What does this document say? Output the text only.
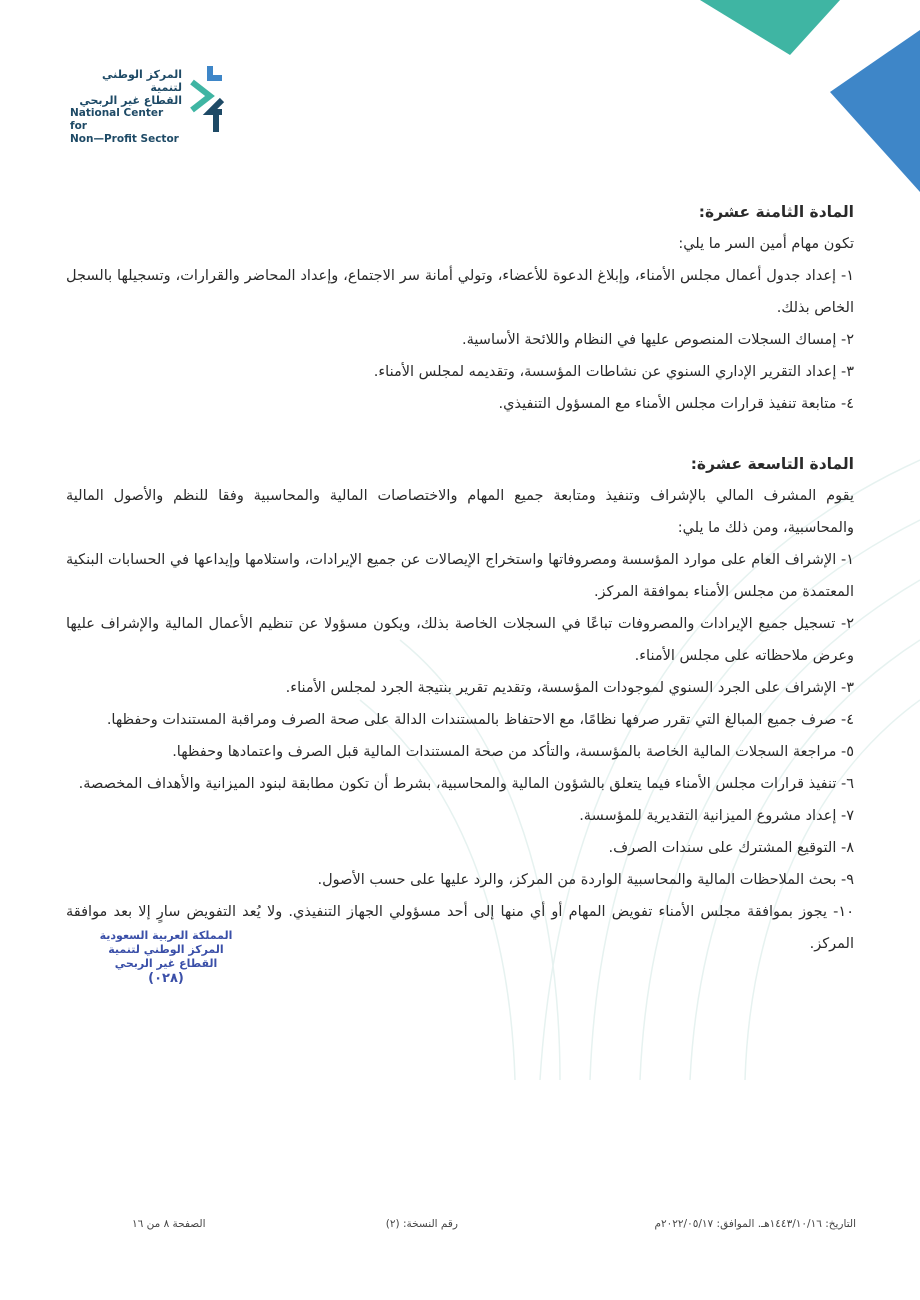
المركز الوطني لتنمية
القطاع غير الربحي
National Center for
Non—Profit Sector

المادة الثامنة عشرة:

تكون مهام أمين السر ما يلي:

١- إعداد جدول أعمال مجلس الأمناء، وإبلاغ الدعوة للأعضاء، وتولي أمانة سر الاجتماع، وإعداد المحاضر والقرارات، وتسجيلها بالسجل الخاص بذلك.

٢- إمساك السجلات المنصوص عليها في النظام واللائحة الأساسية.

٣- إعداد التقرير الإداري السنوي عن نشاطات المؤسسة، وتقديمه لمجلس الأمناء.

٤- متابعة تنفيذ قرارات مجلس الأمناء مع المسؤول التنفيذي.

المادة التاسعة عشرة:

يقوم المشرف المالي بالإشراف وتنفيذ ومتابعة جميع المهام والاختصاصات المالية والمحاسبية وفقا للنظم والأصول المالية والمحاسبية، ومن ذلك ما يلي:

١- الإشراف العام على موارد المؤسسة ومصروفاتها واستخراج الإيصالات عن جميع الإيرادات، واستلامها وإيداعها في الحسابات البنكية المعتمدة من مجلس الأمناء بموافقة المركز.

٢- تسجيل جميع الإيرادات والمصروفات تباعًا في السجلات الخاصة بذلك، ويكون مسؤولا عن تنظيم الأعمال المالية والإشراف عليها وعرض ملاحظاته على مجلس الأمناء.

٣- الإشراف على الجرد السنوي لموجودات المؤسسة، وتقديم تقرير بنتيجة الجرد لمجلس الأمناء.

٤- صرف جميع المبالغ التي تقرر صرفها نظامًا، مع الاحتفاظ بالمستندات الدالة على صحة الصرف ومراقبة المستندات وحفظها.

٥- مراجعة السجلات المالية الخاصة بالمؤسسة، والتأكد من صحة المستندات المالية قبل الصرف واعتمادها وحفظها.

٦- تنفيذ قرارات مجلس الأمناء فيما يتعلق بالشؤون المالية والمحاسبية، بشرط أن تكون مطابقة لبنود الميزانية والأهداف المخصصة.

٧- إعداد مشروع الميزانية التقديرية للمؤسسة.

٨- التوقيع المشترك على سندات الصرف.

٩- بحث الملاحظات المالية والمحاسبية الواردة من المركز، والرد عليها على حسب الأصول.

١٠- يجوز بموافقة مجلس الأمناء تفويض المهام أو أي منها إلى أحد مسؤولي الجهاز التنفيذي. ولا يُعد التفويض سارٍ إلا بعد موافقة المركز.

المملكة العربية السعودية
المركز الوطني لتنمية
القطاع غير الربحي
(٠٢٨)
التاريخ: ١٤٤٣/١٠/١٦هـ. الموافق: ٢٠٢٢/٠٥/١٧م
رقم النسخة: (٢)
الصفحة ٨ من ١٦
